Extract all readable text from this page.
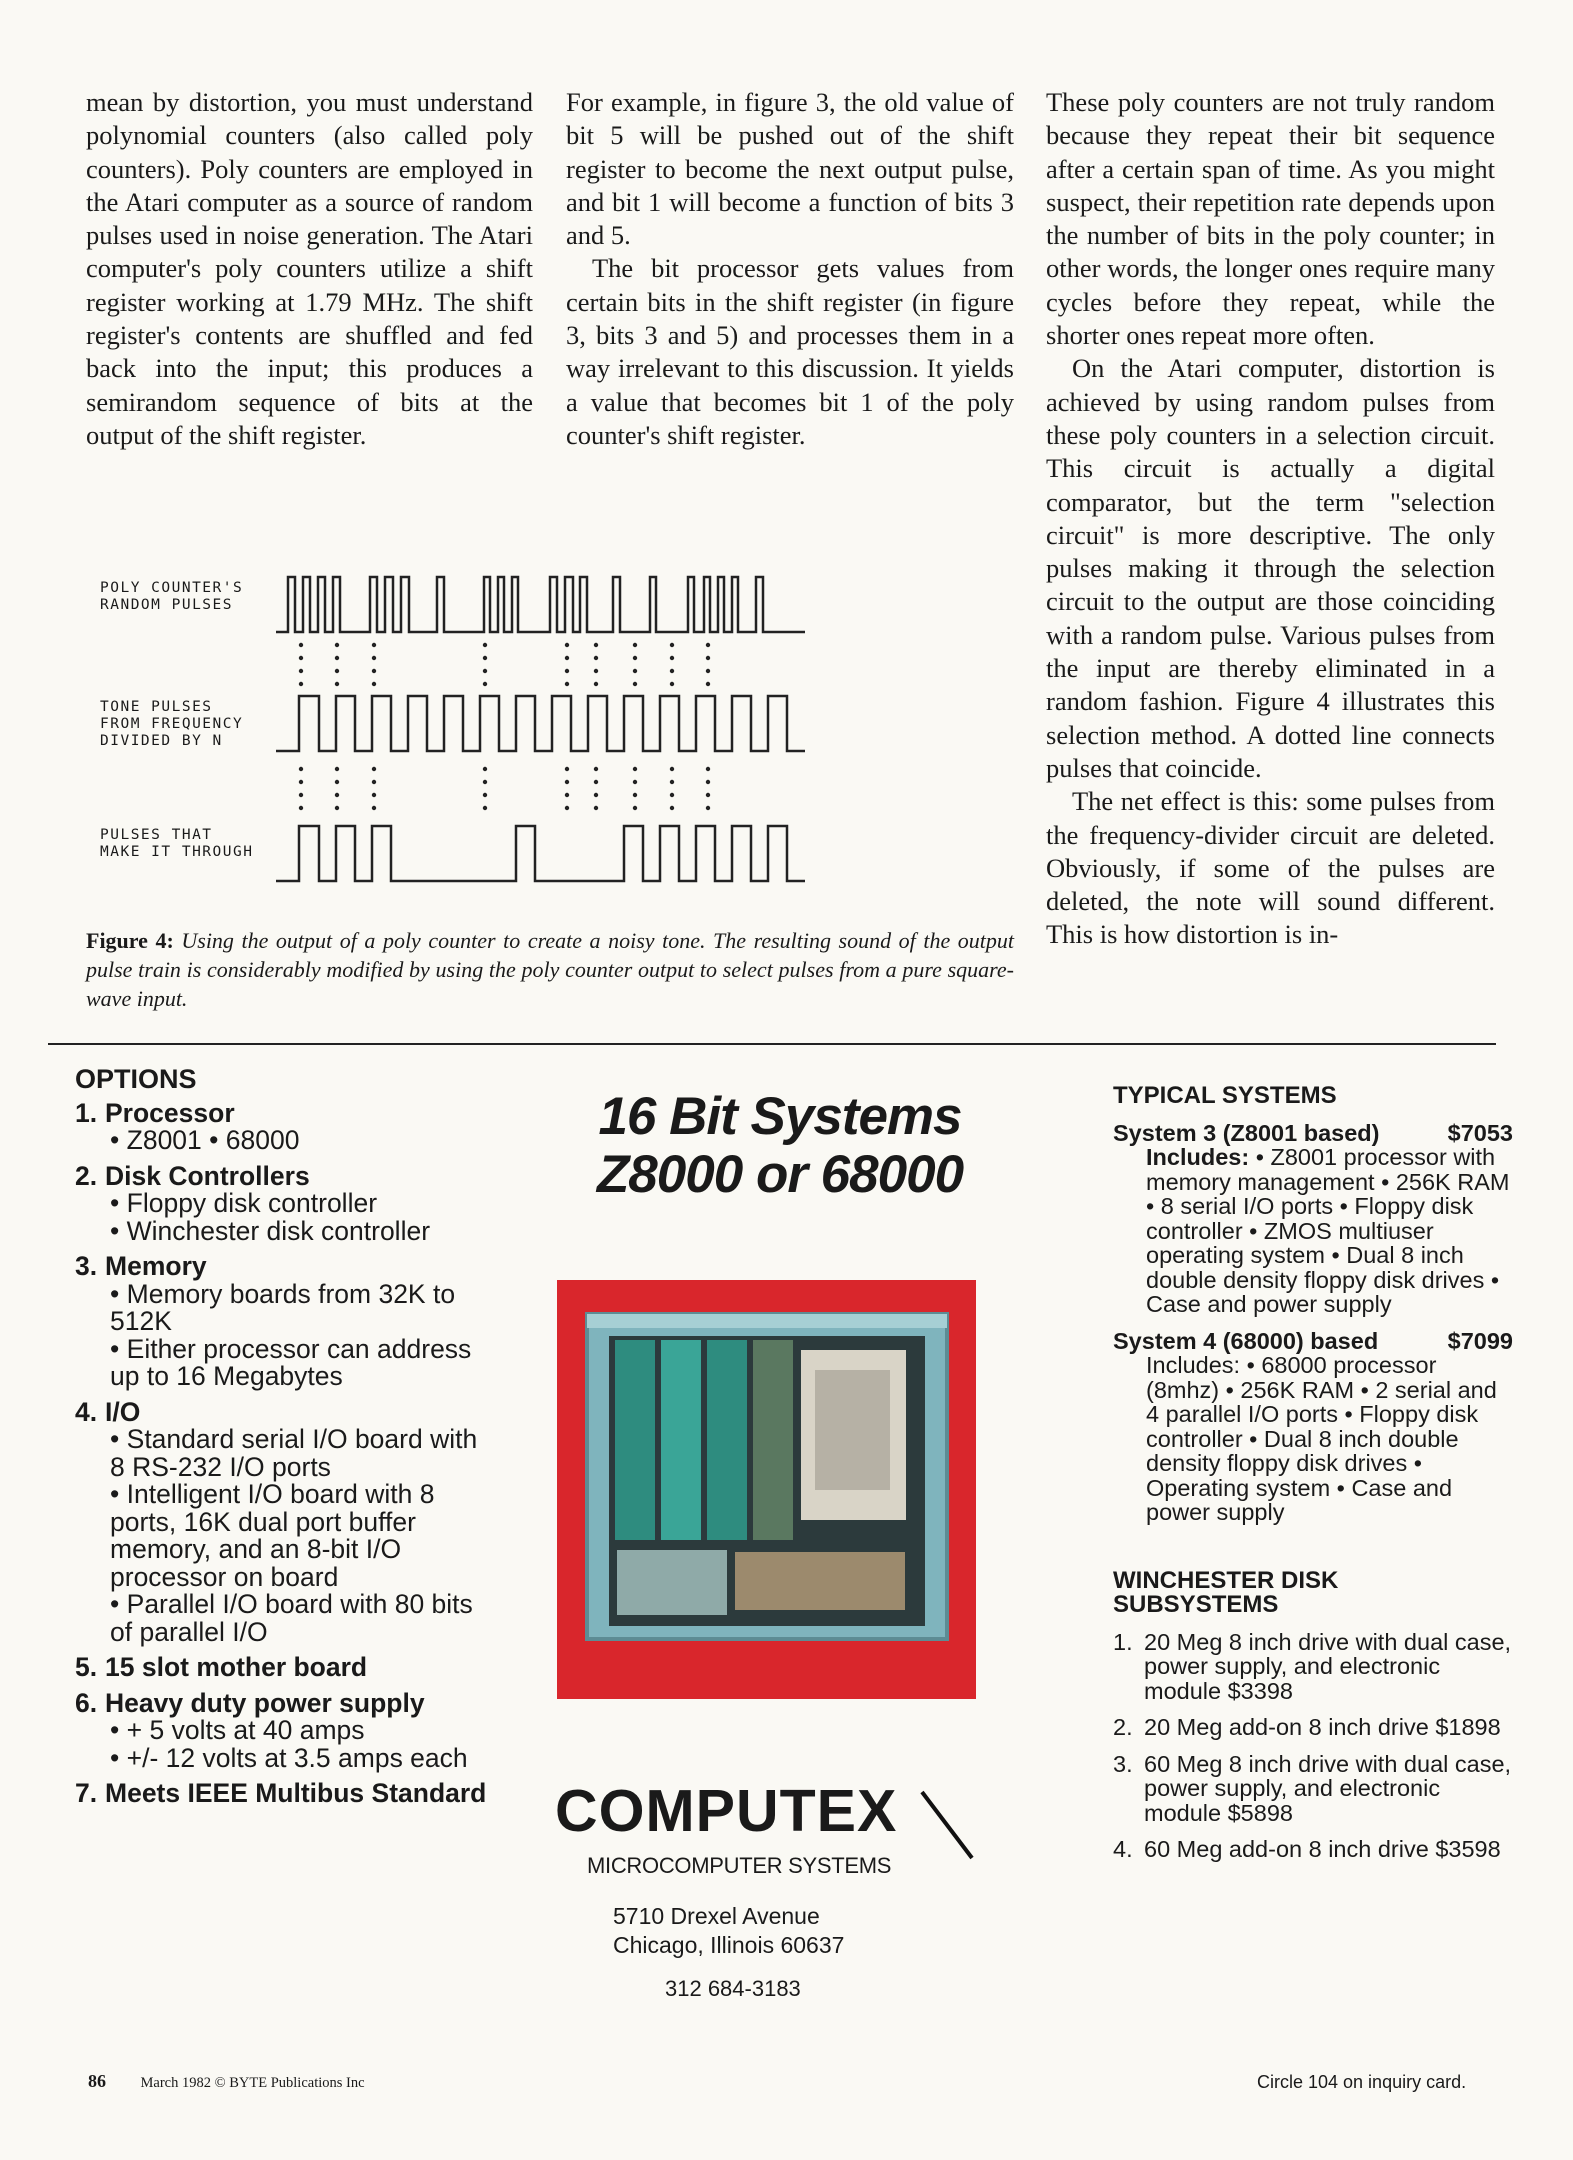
mean by distortion, you must understand polynomial counters (also called poly counters). Poly counters are employed in the Atari computer as a source of random pulses used in noise generation. The Atari computer's poly counters utilize a shift register working at 1.79 MHz. The shift register's contents are shuffled and fed back into the input; this produces a semirandom sequence of bits at the output of the shift register.

For example, in figure 3, the old value of bit 5 will be pushed out of the shift register to become the next output pulse, and bit 1 will become a function of bits 3 and 5.

The bit processor gets values from certain bits in the shift register (in figure 3, bits 3 and 5) and processes them in a way irrelevant to this discussion. It yields a value that becomes bit 1 of the poly counter's shift register.

These poly counters are not truly random because they repeat their bit sequence after a certain span of time. As you might suspect, their repetition rate depends upon the number of bits in the poly counter; in other words, the longer ones require many cycles before they repeat, while the shorter ones repeat more often.

On the Atari computer, distortion is achieved by using random pulses from these poly counters in a selection circuit. This circuit is actually a digital comparator, but the term "selection circuit" is more descriptive. The only pulses making it through the selection circuit to the output are those coinciding with a random pulse. Various pulses from the input are thereby eliminated in a random fashion. Figure 4 illustrates this selection method. A dotted line connects pulses that coincide.

The net effect is this: some pulses from the frequency-divider circuit are deleted. Obviously, if some of the pulses are deleted, the note will sound different. This is how distortion is in-

POLY COUNTER'S
RANDOM PULSES
TONE PULSES
FROM FREQUENCY
DIVIDED BY N
PULSES THAT
MAKE IT THROUGH
Figure 4: Using the output of a poly counter to create a noisy tone. The resulting sound of the output pulse train is considerably modified by using the poly counter output to select pulses from a pure square-wave input.
OPTIONS
1. Processor
• Z8001 • 68000
2. Disk Controllers
• Floppy disk controller
• Winchester disk controller
3. Memory
• Memory boards from 32K to 512K
• Either processor can address up to 16 Megabytes
4. I/O
• Standard serial I/O board with 8 RS-232 I/O ports
• Intelligent I/O board with 8 ports, 16K dual port buffer memory, and an 8-bit I/O processor on board
• Parallel I/O board with 80 bits of parallel I/O
5. 15 slot mother board
6. Heavy duty power supply
• + 5 volts at 40 amps
• +/- 12 volts at 3.5 amps each
7. Meets IEEE Multibus Standard
16 Bit Systems
Z8000 or 68000
COMPUTEX
MICROCOMPUTER SYSTEMS
5710 Drexel Avenue
Chicago, Illinois 60637
312 684-3183
TYPICAL SYSTEMS
System 3 (Z8001 based)	$7053
Includes: • Z8001 processor with memory management • 256K RAM • 8 serial I/O ports • Floppy disk controller • ZMOS multiuser operating system • Dual 8 inch double density floppy disk drives • Case and power supply
System 4 (68000) based	$7099
Includes: • 68000 processor (8mhz) • 256K RAM • 2 serial and 4 parallel I/O ports • Floppy disk controller • Dual 8 inch double density floppy disk drives • Operating system • Case and power supply
WINCHESTER DISK
SUBSYSTEMS
1. 20 Meg 8 inch drive with dual case, power supply, and electronic module $3398
2. 20 Meg add-on 8 inch drive $1898
3. 60 Meg 8 inch drive with dual case, power supply, and electronic module $5898
4. 60 Meg add-on 8 inch drive $3598
86 March 1982 © BYTE Publications Inc	Circle 104 on inquiry card.
